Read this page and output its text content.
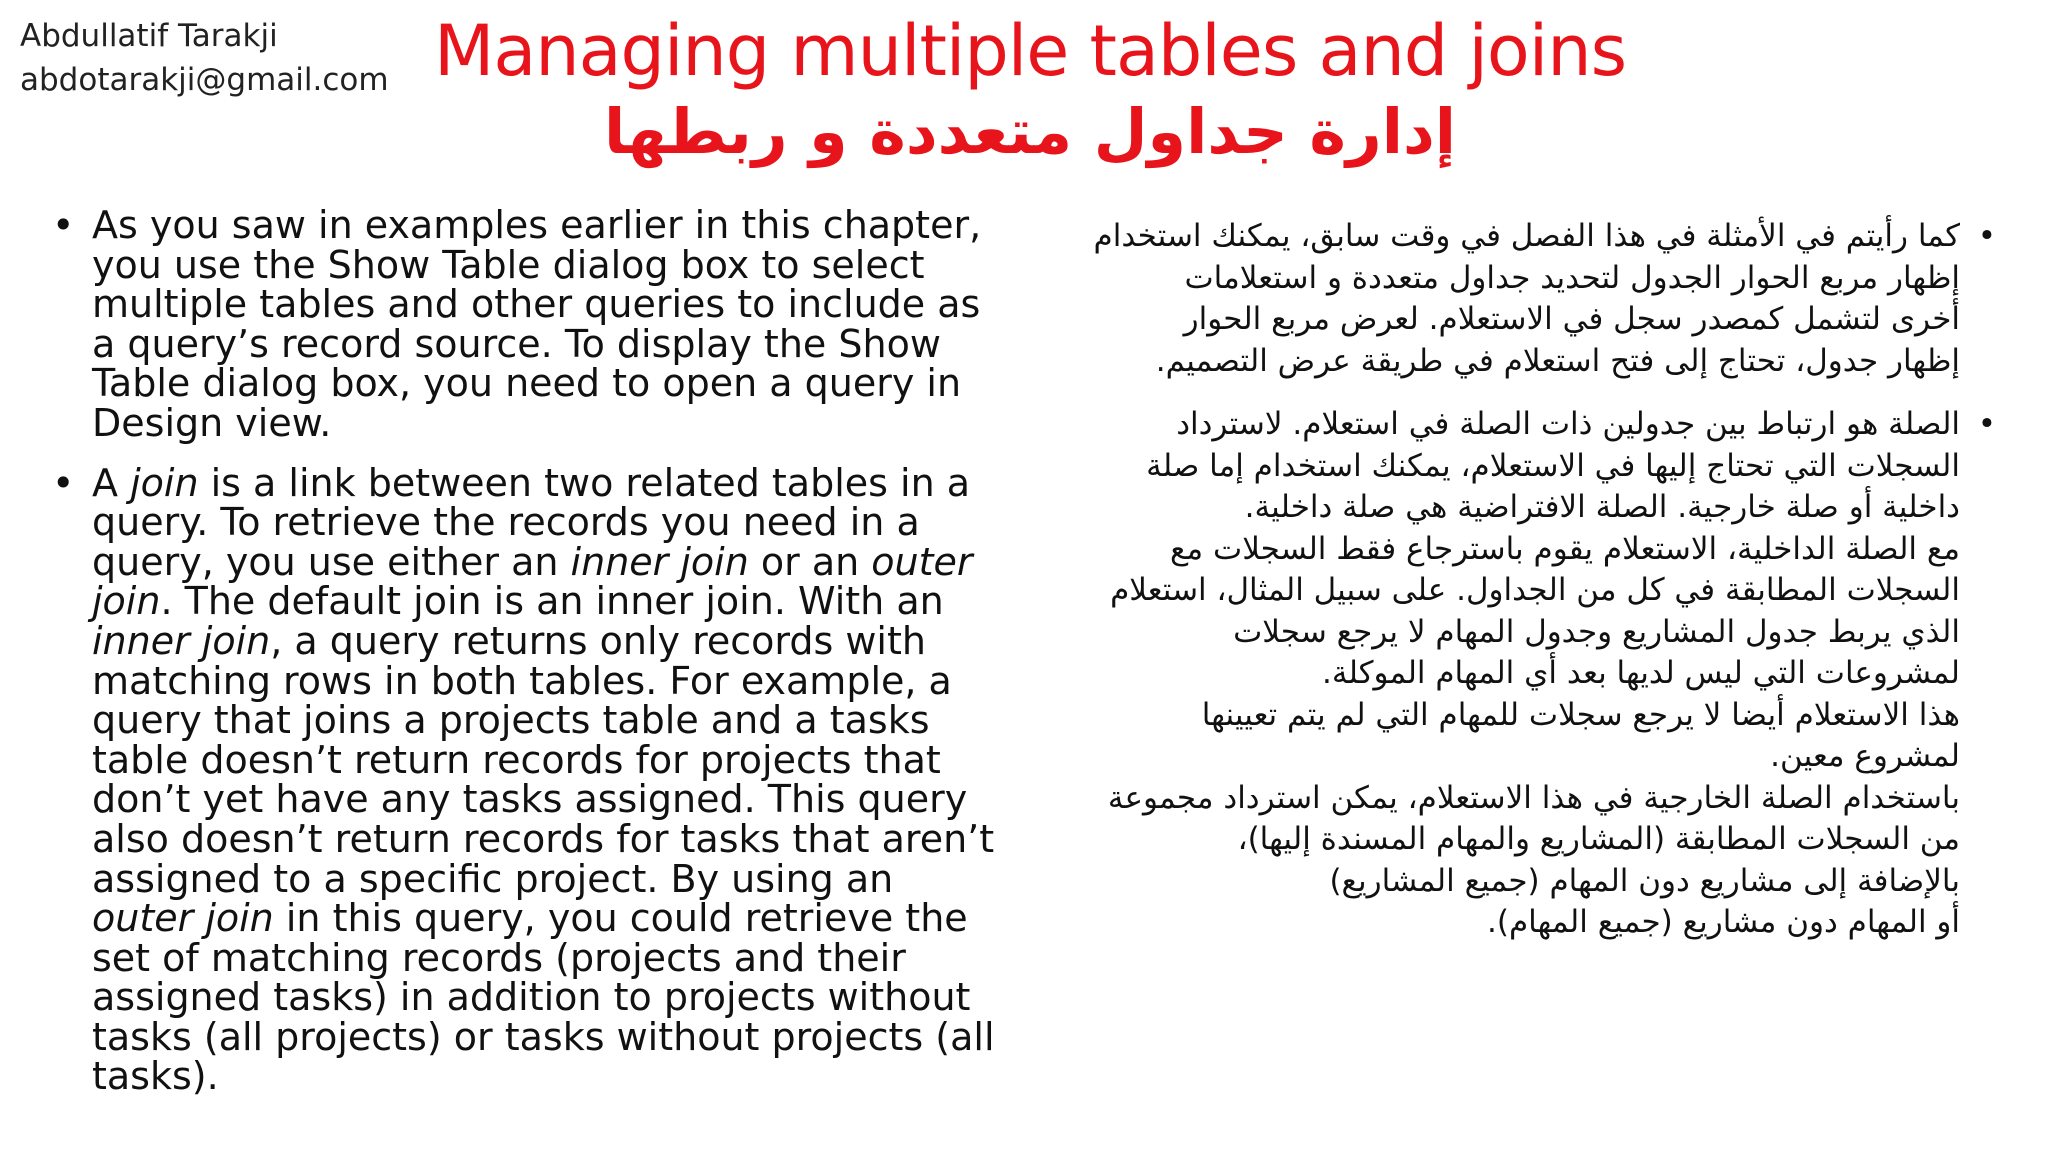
Abdullatif Tarakji
abdotarakji@gmail.com Managing multiple tables and joins
إدارة جداول متعددة و ربطها
• As you saw in examples earlier in this chapter, you use the Show Table dialog box to select multiple tables and other queries to include as a query’s record source. To display the Show Table dialog box, you need to open a query in Design view.

• A join is a link between two related tables in a query. To retrieve the records you need in a query, you use either an inner join or an outer join. The default join is an inner join. With an inner join, a query returns only records with matching rows in both tables. For example, a query that joins a projects table and a tasks table doesn’t return records for projects that don’t yet have any tasks assigned. This query also doesn’t return records for tasks that aren’t assigned to a specific project. By using an outer join in this query, you could retrieve the set of matching records (projects and their assigned tasks) in addition to projects without tasks (all projects) or tasks without projects (all tasks).

•

كما رأيتم في الأمثلة في هذا الفصل في وقت سابق، يمكنك استخدام
إظهار مربع الحوار الجدول لتحديد جداول متعددة و استعلامات
أخرى لتشمل كمصدر سجل في الاستعلام. لعرض مربع الحوار
إظهار جدول، تحتاج إلى فتح استعلام في طريقة عرض التصميم.

•

الصلة هو ارتباط بين جدولين ذات الصلة في استعلام. لاسترداد
السجلات التي تحتاج إليها في الاستعلام، يمكنك استخدام إما صلة
داخلية أو صلة خارجية. الصلة الافتراضية هي صلة داخلية.
مع الصلة الداخلية، الاستعلام يقوم باسترجاع فقط السجلات مع
السجلات المطابقة في كل من الجداول. على سبيل المثال، استعلام
الذي يربط جدول المشاريع وجدول المهام لا يرجع سجلات
لمشروعات التي ليس لديها بعد أي المهام الموكلة.
هذا الاستعلام أيضا لا يرجع سجلات للمهام التي لم يتم تعيينها
لمشروع معين.
باستخدام الصلة الخارجية في هذا الاستعلام، يمكن استرداد مجموعة
من السجلات المطابقة (المشاريع والمهام المسندة إليها)،
بالإضافة إلى مشاريع دون المهام (جميع المشاريع)
أو المهام دون مشاريع (جميع المهام).
